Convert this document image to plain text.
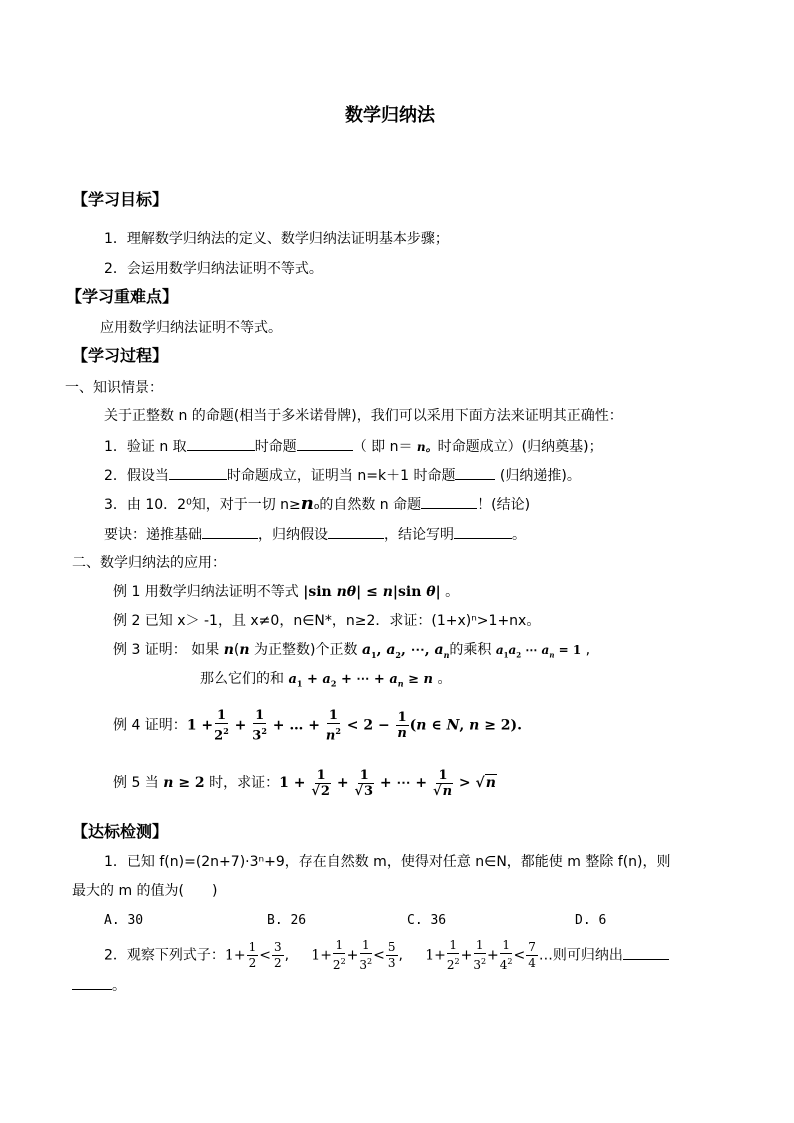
数学归纳法
【学习目标】
1．理解数学归纳法的定义、数学归纳法证明基本步骤；
2．会运用数学归纳法证明不等式。
【学习重难点】
应用数学归纳法证明不等式。
【学习过程】
一、知识情景：
关于正整数 n 的命题(相当于多米诺骨牌)，我们可以采用下面方法来证明其正确性：
1．验证 n 取	时命题	（ 即 n＝ n。时命题成立）(归纳奠基)；
2．假设当	时命题成立，证明当 n=k＋1 时命题	(归纳递推)。
3．由 10．2⁰知，对于一切 n≥no的自然数 n 命题	！(结论)
要诀：递推基础	，归纳假设	，结论写明	。
二、数学归纳法的应用：
例 1 用数学归纳法证明不等式 |sin nθ| ≤ n|sin θ| 。
例 2 已知 x＞ -1，且 x≠0，n∈N*，n≥2．求证：(1+x)ⁿ>1+nx。
例 3 证明： 如果 n(n 为正整数)个正数 $a_1$, $a_2$, ⋯, $a_n$的乘积 $a_1a_2$ ⋯ $a_n = 1$ ,
那么它们的和 $a_1 + a_2$ + ⋯ + $a_n \ge n$ 。
例 4 证明：$1 + \frac{1}{2^2} + \frac{1}{3^2}$ + … + $\frac{1}{n^2} < 2 - \frac{1}{n} (n$ ∈ N, n ≥ 2).
例 5 当 n ≥ 2 时，求证：$1 + \frac{1}{√2} + \frac{1}{√3}$ + ⋯ + $\frac{1}{√n} > √n$
【达标检测】
1．已知 f(n)=(2n+7)·3ⁿ+9，存在自然数 m，使得对任意 n∈N，都能使 m 整除 f(n)，则
最大的 m 的值为(　　)
A. 30	B. 26	C. 36	D. 6
2．观察下列式子：$1+ \frac{1}{2} < \frac{3}{2}$ ,     $1+ \frac{1}{2^2} + \frac{1}{3^2} < \frac{5}{3}$ ,     $1+ \frac{1}{2^2} + \frac{1}{3^2} + \frac{1}{4^2} < \frac{7}{4}$ …则可归纳出
。
